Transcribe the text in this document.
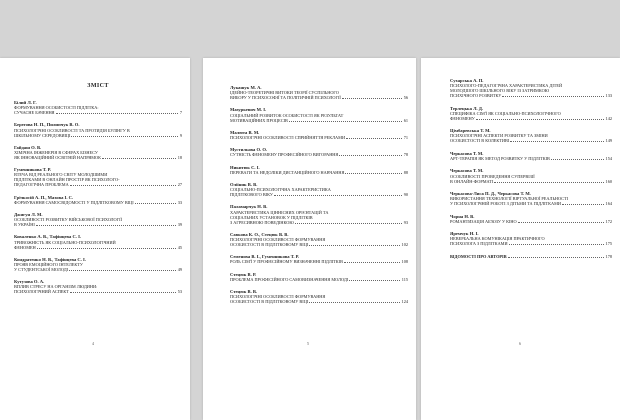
ЗМІСТ
Білий Л. Г.
ФОРМУВАННЯ ОСОБИСТОСТІ ПІДЛІТКА:
СУЧАСНЕ БАЧЕННЯ	7
Берегова Н. П., Пилипчук В. О.
ПСИХОЛОГІЧНІ ОСОБЛИВОСТІ ТА ПРОТИДІЯ БУЛІНГУ В
ШКІЛЬНОМУ СЕРЕДОВИЩІ	9
Гайдаш О. В.
ХІМІЧНА ІНЖЕНЕРІЯ В СФЕРАХ БІЗНЕСУ
ЯК ІННОВАЦІЙНИЙ ОСВІТНІЙ НАПРЯМОК	18
Гуменникова Т. Р.
ВТЕЧА ВІД РЕАЛЬНОГО СВІТУ МОЛОДШИМИ
ПІДЛІТКАМИ В ОНЛАЙН ПРОСТІР ЯК ПСИХОЛОГО-
ПЕДАГОГІЧНА ПРОБЛЕМА	27
Грічкосій А. П., Махова І. С.
ФОРМУВАННЯ САМОСВІДОМОСТІ У ПІДЛІТКОВОМУ ВІЦІ	33
Джигун Л. М.
ОСОБЛИВОСТІ РОЗВИТКУ ВІЙСЬКОВОЇ ПСИХОЛОГІЇ
В УКРАЇНІ	39
Коваленко А. В., Тафінцева С. І.
ТРИВОЖНІСТЬ ЯК СОЦІАЛЬНО-ПСИХОЛОГІЧНИЙ
ФЕНОМЕН	45
Кондратенко Н. В., Тафінцева С. І.
ПРОЯВ ЕМОЦІЙНОГО ІНТЕЛЕКТУ
У СТУДЕНТСЬКОЇ МОЛОДІ	49
Кутузова О. А.
ВПЛИВ СТРЕСУ НА ОРГАНІЗМ ЛЮДИНИ:
ПСИХОЛОГІЧНИЙ АСПЕКТ	53
4
Лукашук М. А.
ІДЕЙНО-ТЕОРЕТИЧНІ ВИТОКИ ТЕОРІЇ СУСПІЛЬНОГО
ВИБОРУ У ПСИХОСОФІЇ ТА ПОЛІТИЧНІЙ ПСИХОЛОГІЇ	56
Мазуркевич М. І.
СОЦІАЛЬНИЙ РОЗВИТОК ОСОБИСТОСТІ ЯК РЕЗУЛЬТАТ
МОТИВАЦІЙНИХ ПРОЦЕСІВ	61
Малюта В. М.
ПСИХОЛОГІЧНІ ОСОБЛИВОСТІ СПРИЙНЯТТЯ РЕКЛАМИ	71
Мустильова О. О.
СУТНІСТЬ ФЕНОМЕНУ ПРОФЕСІЙНОГО ВИГОРАННЯ	78
Никитюк С. І.
ПЕРЕВАГИ ТА НЕДОЛІКИ ДИСТАНЦІЙНОГО НАВЧАННЯ	88
Оліїник В. В.
СОЦІАЛЬНО-ПСИХОЛОГІЧНА ХАРАКТЕРИСТИКА
ПІДЛІТКОВОГО ВІКУ	90
Паламарчук Н. В.
ХАРАКТЕРИСТИКА ЦІННІСНИХ ОРІЄНТАЦІЙ ТА
СОЦІАЛЬНИХ УСТАНОВОК У ПІДЛІТКІВ
З АГРЕСИВНОЮ ПОВЕДІНКОЮ	93
Савкова К. О., Стецюк В. В.
ПСИХОЛОГІЧНІ ОСОБЛИВОСТІ ФОРМУВАННЯ
ОСОБИСТОСТІ В ПІДЛІТКОВОМУ ВІЦІ	102
Семенова В. І., Гуменникова Т. Р.
РОЛЬ СІМ'Ї У ПРОФЕСІЙНОМУ ВИЗНАЧЕННІ ПІДЛІТКІВ	108
Стецюк В. Р.
ПРОБЛЕМА ПРОФЕСІЙНОГО САМОВИЗНАЧЕННЯ МОЛОДІ	115
Стецюк В. В.
ПСИХОЛОГІЧНІ ОСОБЛИВОСТІ ФОРМУВАННЯ
ОСОБИСТОСТІ В ПІДЛІТКОВОМУ ВІЦІ	124
5
Сухарська А. П.
ПСИХОЛОГО-ПЕДАГОГІЧНА ХАРАКТЕРИСТИКА ДІТЕЙ
МОЛОДШОГО ШКІЛЬНОГО ВІКУ ІЗ ЗАТРИМКОЮ
ПСИХІЧНОГО РОЗВИТКУ	133
Терлецька Л. Д.
СПЕЦИФІКА СІМ'Ї ЯК СОЦІАЛЬНО-ПСИХОЛОГІЧНОГО
ФЕНОМЕНУ	142
Цімбаревська Т. М.
ПСИХОЛОГІЧНІ АСПЕКТИ РОЗВИТКУ ТА ЗМІНИ
ОСОБИСТОСТІ В КОЛЕКТИВІ	149
Черкасова Т. М.
АРТ-ТЕРАПІЯ ЯК МЕТОД РОЗВИТКУ У ПІДЛІТКІВ	154
Черкасова Т. М.
ОСОБЛИВОСТІ ПРОВЕДЕННЯ СУПЕРВІЗІЇ
В ОНЛАЙН-ФОРМАТІ	160
Черкасова-Лиса П. Д., Черкасова Т. М.
ВИКОРИСТАННЯ ТЕХНОЛОГІЇ ВІРТУАЛЬНОЇ РЕАЛЬНОСТІ
У ПСИХОЛОГІЧНІЙ РОБОТІ З ДІТЬМИ ТА ПІДЛІТКАМИ	164
Чорна Н. В.
РОМАНТИЗАЦІЯ АБ'ЮЗУ У КІНО	172
Яремчук Н. І.
НЕВЕРБАЛЬНА КОМУНІКАЦІЯ ПРАКТИЧНОГО
ПСИХОЛОГА З ПІДЛІТКАМИ	175
ВІДОМОСТІ ПРО АВТОРІВ	178
6
